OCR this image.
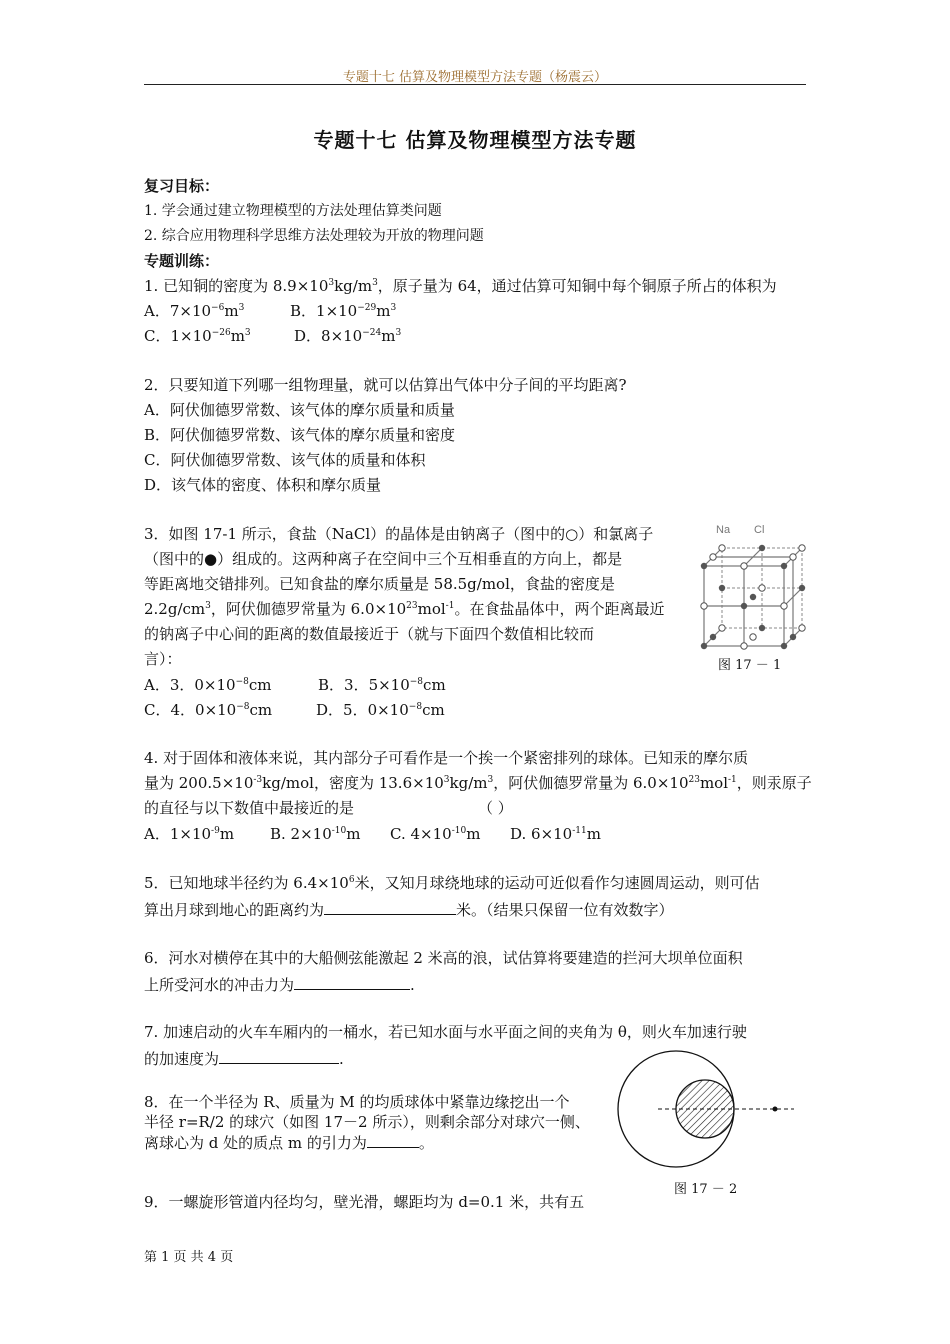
专题十七 估算及物理模型方法专题（杨震云）
专题十七 估算及物理模型方法专题
复习目标：
1. 学会通过建立物理模型的方法处理估算类问题
2. 综合应用物理科学思维方法处理较为开放的物理问题
专题训练：
1. 已知铜的密度为 $8.9\times 10^3kg/m^3$，原子量为 64，通过估算可知铜中每个铜原子所占的体积为
A．$7\times 10^{-6}m^3$	B．$1\times 10^{-29}m^3$
C．$1\times 10^{-26}m^3$	D．$8\times 10^{-24}m^3$
2．只要知道下列哪一组物理量，就可以估算出气体中分子间的平均距离?
A．阿伏伽德罗常数、该气体的摩尔质量和质量
B．阿伏伽德罗常数、该气体的摩尔质量和密度
C．阿伏伽德罗常数、该气体的质量和体积
D．该气体的密度、体积和摩尔质量
3．如图 17-1 所示，食盐（NaCl）的晶体是由钠离子（图中的○）和氯离子
（图中的●）组成的。这两种离子在空间中三个互相垂直的方向上，都是
等距离地交错排列。已知食盐的摩尔质量是 58.5g/mol，食盐的密度是
$2.2g/cm^3$，阿伏伽德罗常量为 $6.0\times 10^{23}mol^{-1}$。在食盐晶体中，两个距离最近
的钠离子中心间的距离的数值最接近于（就与下面四个数值相比较而
言）：
A．3．$0\times 10^{-8}cm$	B．3．$5\times 10^{-8}cm$
C．4．$0\times 10^{-8}cm$	D．5．$0\times 10^{-8}cm$
Na Cl
图 17 － 1
4. 对于固体和液体来说，其内部分子可看作是一个挨一个紧密排列的球体。已知汞的摩尔质
量为 $200.5\times 10^{-3}kg$/mol，密度为 $13.6\times 10^3kg/m^3$，阿伏伽德罗常量为 $6.0\times 10^{23}mol^{-1}$，则汞原子
的直径与以下数值中最接近的是	（ ）
A．$1\times 10^{-9}m$ B. $2\times 10^{-10}m$ C. $4\times 10^{-10}m$ D. $6\times 10^{-11}m$
5．已知地球半径约为 $6.4\times 10^6$米，又知月球绕地球的运动可近似看作匀速圆周运动，则可估
算出月球到地心的距离约为	米。（结果只保留一位有效数字）
6．河水对横停在其中的大船侧弦能激起 2 米高的浪，试估算将要建造的拦河大坝单位面积
上所受河水的冲击力为	.
7. 加速启动的火车车厢内的一桶水，若已知水面与水平面之间的夹角为 θ，则火车加速行驶
的加速度为	.
8．在一个半径为 R、质量为 M 的均质球体中紧靠边缘挖出一个
半径 r=R/2 的球穴（如图 17－2 所示），则剩余部分对球穴一侧、
离球心为 d 处的质点 m 的引力为	。
图 17 － 2
9．一螺旋形管道内径均匀，壁光滑，螺距均为 d=0.1 米，共有五
第 1 页 共 4 页
